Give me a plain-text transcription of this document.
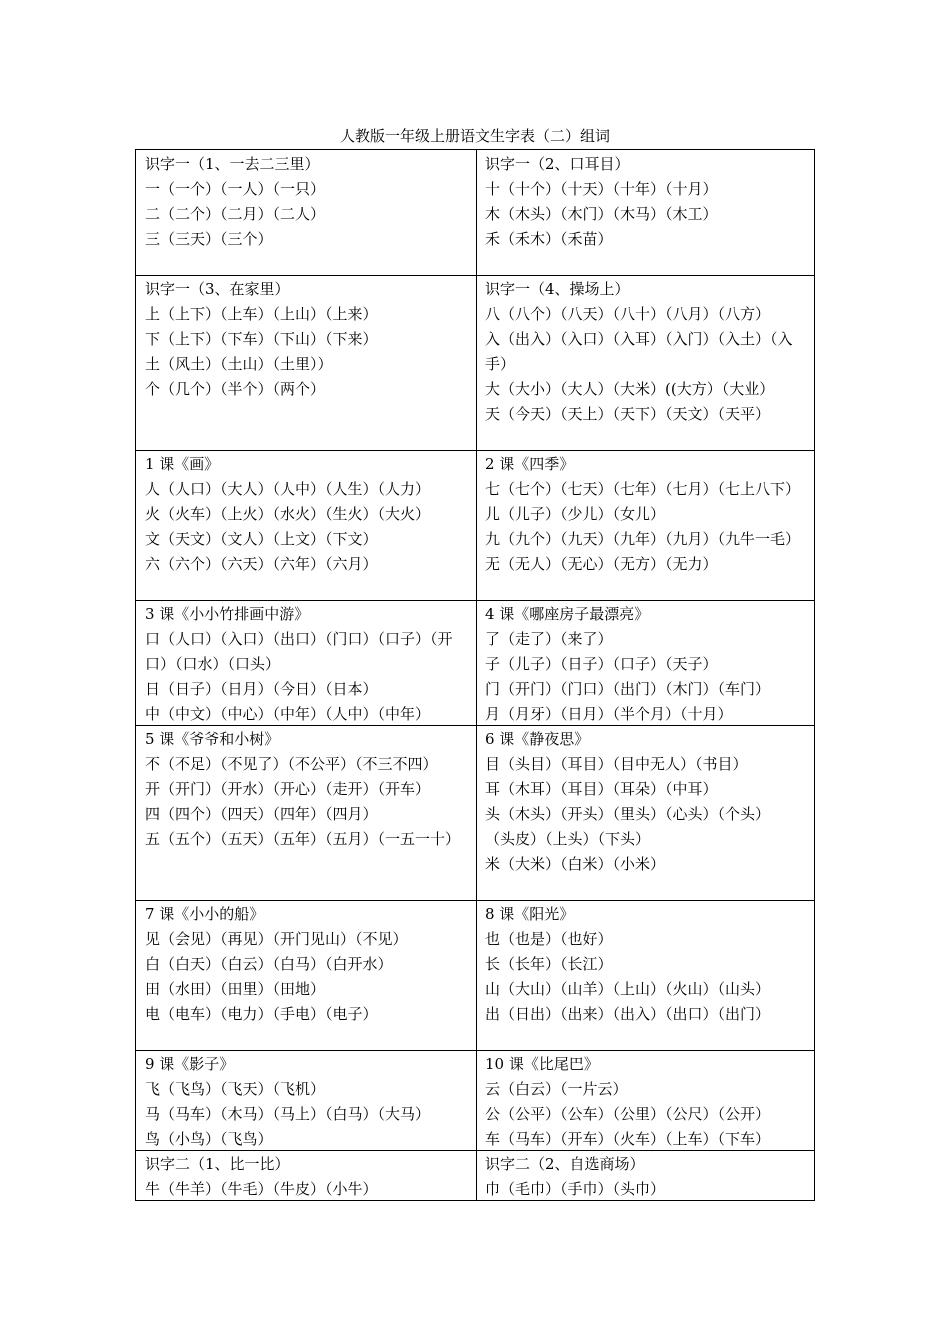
人教版一年级上册语文生字表（二）组词
识字一（1、一去二三里）
一（一个）（一人）（一只）
二（二个）（二月）（二人）
三（三天）（三个）
识字一（2、口耳目）
十（十个）（十天）（十年）（十月）
木（木头）（木门）（木马）（木工）
禾（禾木）（禾苗）
识字一（3、在家里）
上（上下）（上车）（上山）（上来）
下（上下）（下车）（下山）（下来）
土（风土）（土山）（土里））
个（几个）（半个）（两个）
识字一（4、操场上）
八（八个）（八天）（八十）（八月）（八方）
入（出入）（入口）（入耳）（入门）（入土）（入
手）
大（大小）（大人）（大米）((大方）（大业）
天（今天）（天上）（天下）（天文）（天平）
1 课《画》
人（人口）（大人）（人中）（人生）（人力）
火（火车）（上火）（水火）（生火）（大火）
文（天文）（文人）（上文）（下文）
六（六个）（六天）（六年）（六月）
2 课《四季》
七（七个）（七天）（七年）（七月）（七上八下）
儿（儿子）（少儿）（女儿）
九（九个）（九天）（九年）（九月）（九牛一毛）
无（无人）（无心）（无方）（无力）
3 课《小小竹排画中游》
口（人口）（入口）（出口）（门口）（口子）（开
口）（口水）（口头）
日（日子）（日月）（今日）（日本）
中（中文）（中心）（中年）（人中）（中年）
4 课《哪座房子最漂亮》
了（走了）（来了）
子（儿子）（日子）（口子）（天子）
门（开门）（门口）（出门）（木门）（车门）
月（月牙）（日月）（半个月）（十月）
5 课《爷爷和小树》
不（不足）（不见了）（不公平）（不三不四）
开（开门）（开水）（开心）（走开）（开车）
四（四个）（四天）（四年）（四月）
五（五个）（五天）（五年）（五月）（一五一十）
6 课《静夜思》
目（头目）（耳目）（目中无人）（书目）
耳（木耳）（耳目）（耳朵）（中耳）
头（木头）（开头）（里头）（心头）（个头）
（头皮）（上头）（下头）
米（大米）（白米）（小米）
7 课《小小的船》
见（会见）（再见）（开门见山）（不见）
白（白天）（白云）（白马）（白开水）
田（水田）（田里）（田地）
电（电车）（电力）（手电）（电子）
8 课《阳光》
也（也是）（也好）
长（长年）（长江）
山（大山）（山羊）（上山）（火山）（山头）
出（日出）（出来）（出入）（出口）（出门）
9 课《影子》
飞（飞鸟）（飞天）（飞机）
马（马车）（木马）（马上）（白马）（大马）
鸟（小鸟）（飞鸟）
10 课《比尾巴》
云（白云）（一片云）
公（公平）（公车）（公里）（公尺）（公开）
车（马车）（开车）（火车）（上车）（下车）
识字二（1、比一比）
牛（牛羊）（牛毛）（牛皮）（小牛）
识字二（2、自选商场）
巾（毛巾）（手巾）（头巾）
